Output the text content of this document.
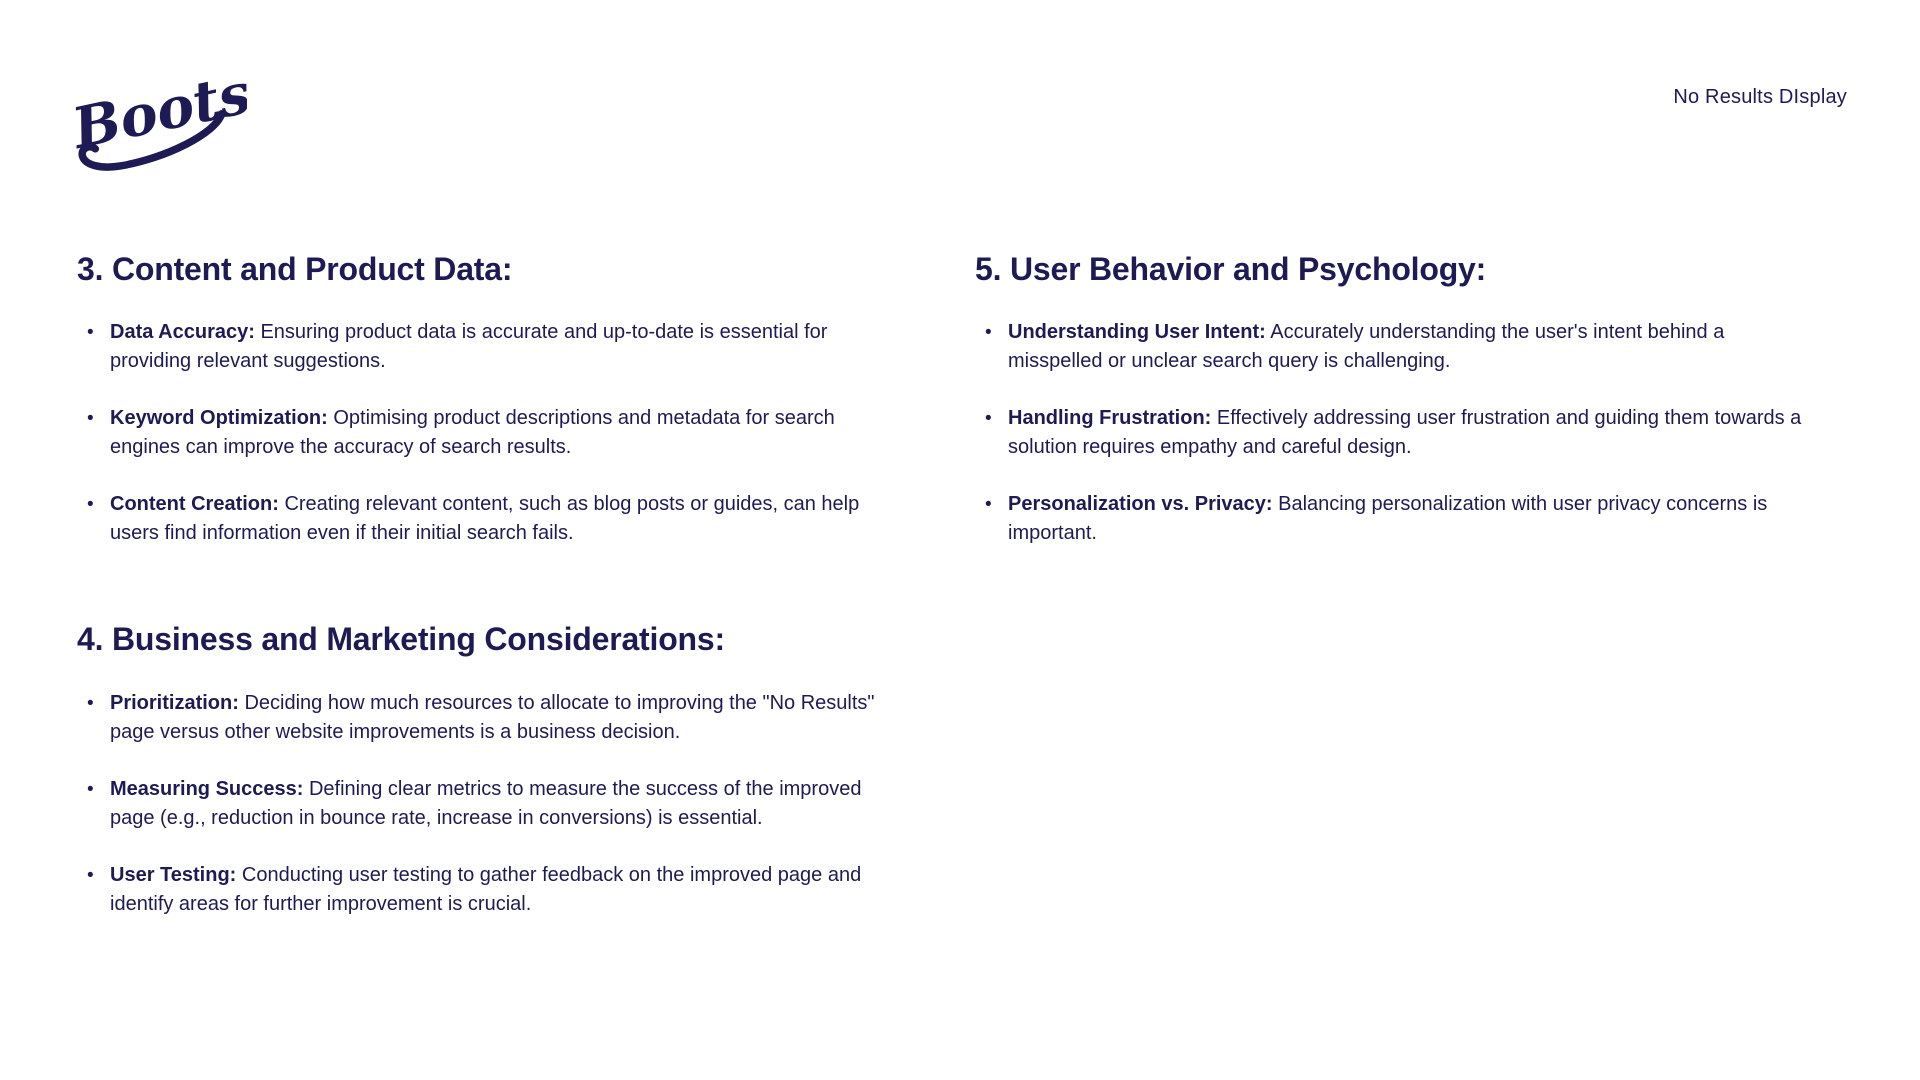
Boots	No Results DIsplay
3. Content and Product Data:
• Data Accuracy: Ensuring product data is accurate and up-to-date is essential for providing relevant suggestions.
• Keyword Optimization: Optimising product descriptions and metadata for search engines can improve the accuracy of search results.
• Content Creation: Creating relevant content, such as blog posts or guides, can help users find information even if their initial search fails.
4. Business and Marketing Considerations:
• Prioritization: Deciding how much resources to allocate to improving the "No Results" page versus other website improvements is a business decision.
• Measuring Success: Defining clear metrics to measure the success of the improved page (e.g., reduction in bounce rate, increase in conversions) is essential.
• User Testing: Conducting user testing to gather feedback on the improved page and identify areas for further improvement is crucial.
5. User Behavior and Psychology:
• Understanding User Intent: Accurately understanding the user's intent behind a misspelled or unclear search query is challenging.
• Handling Frustration: Effectively addressing user frustration and guiding them towards a solution requires empathy and careful design.
• Personalization vs. Privacy: Balancing personalization with user privacy concerns is important.
